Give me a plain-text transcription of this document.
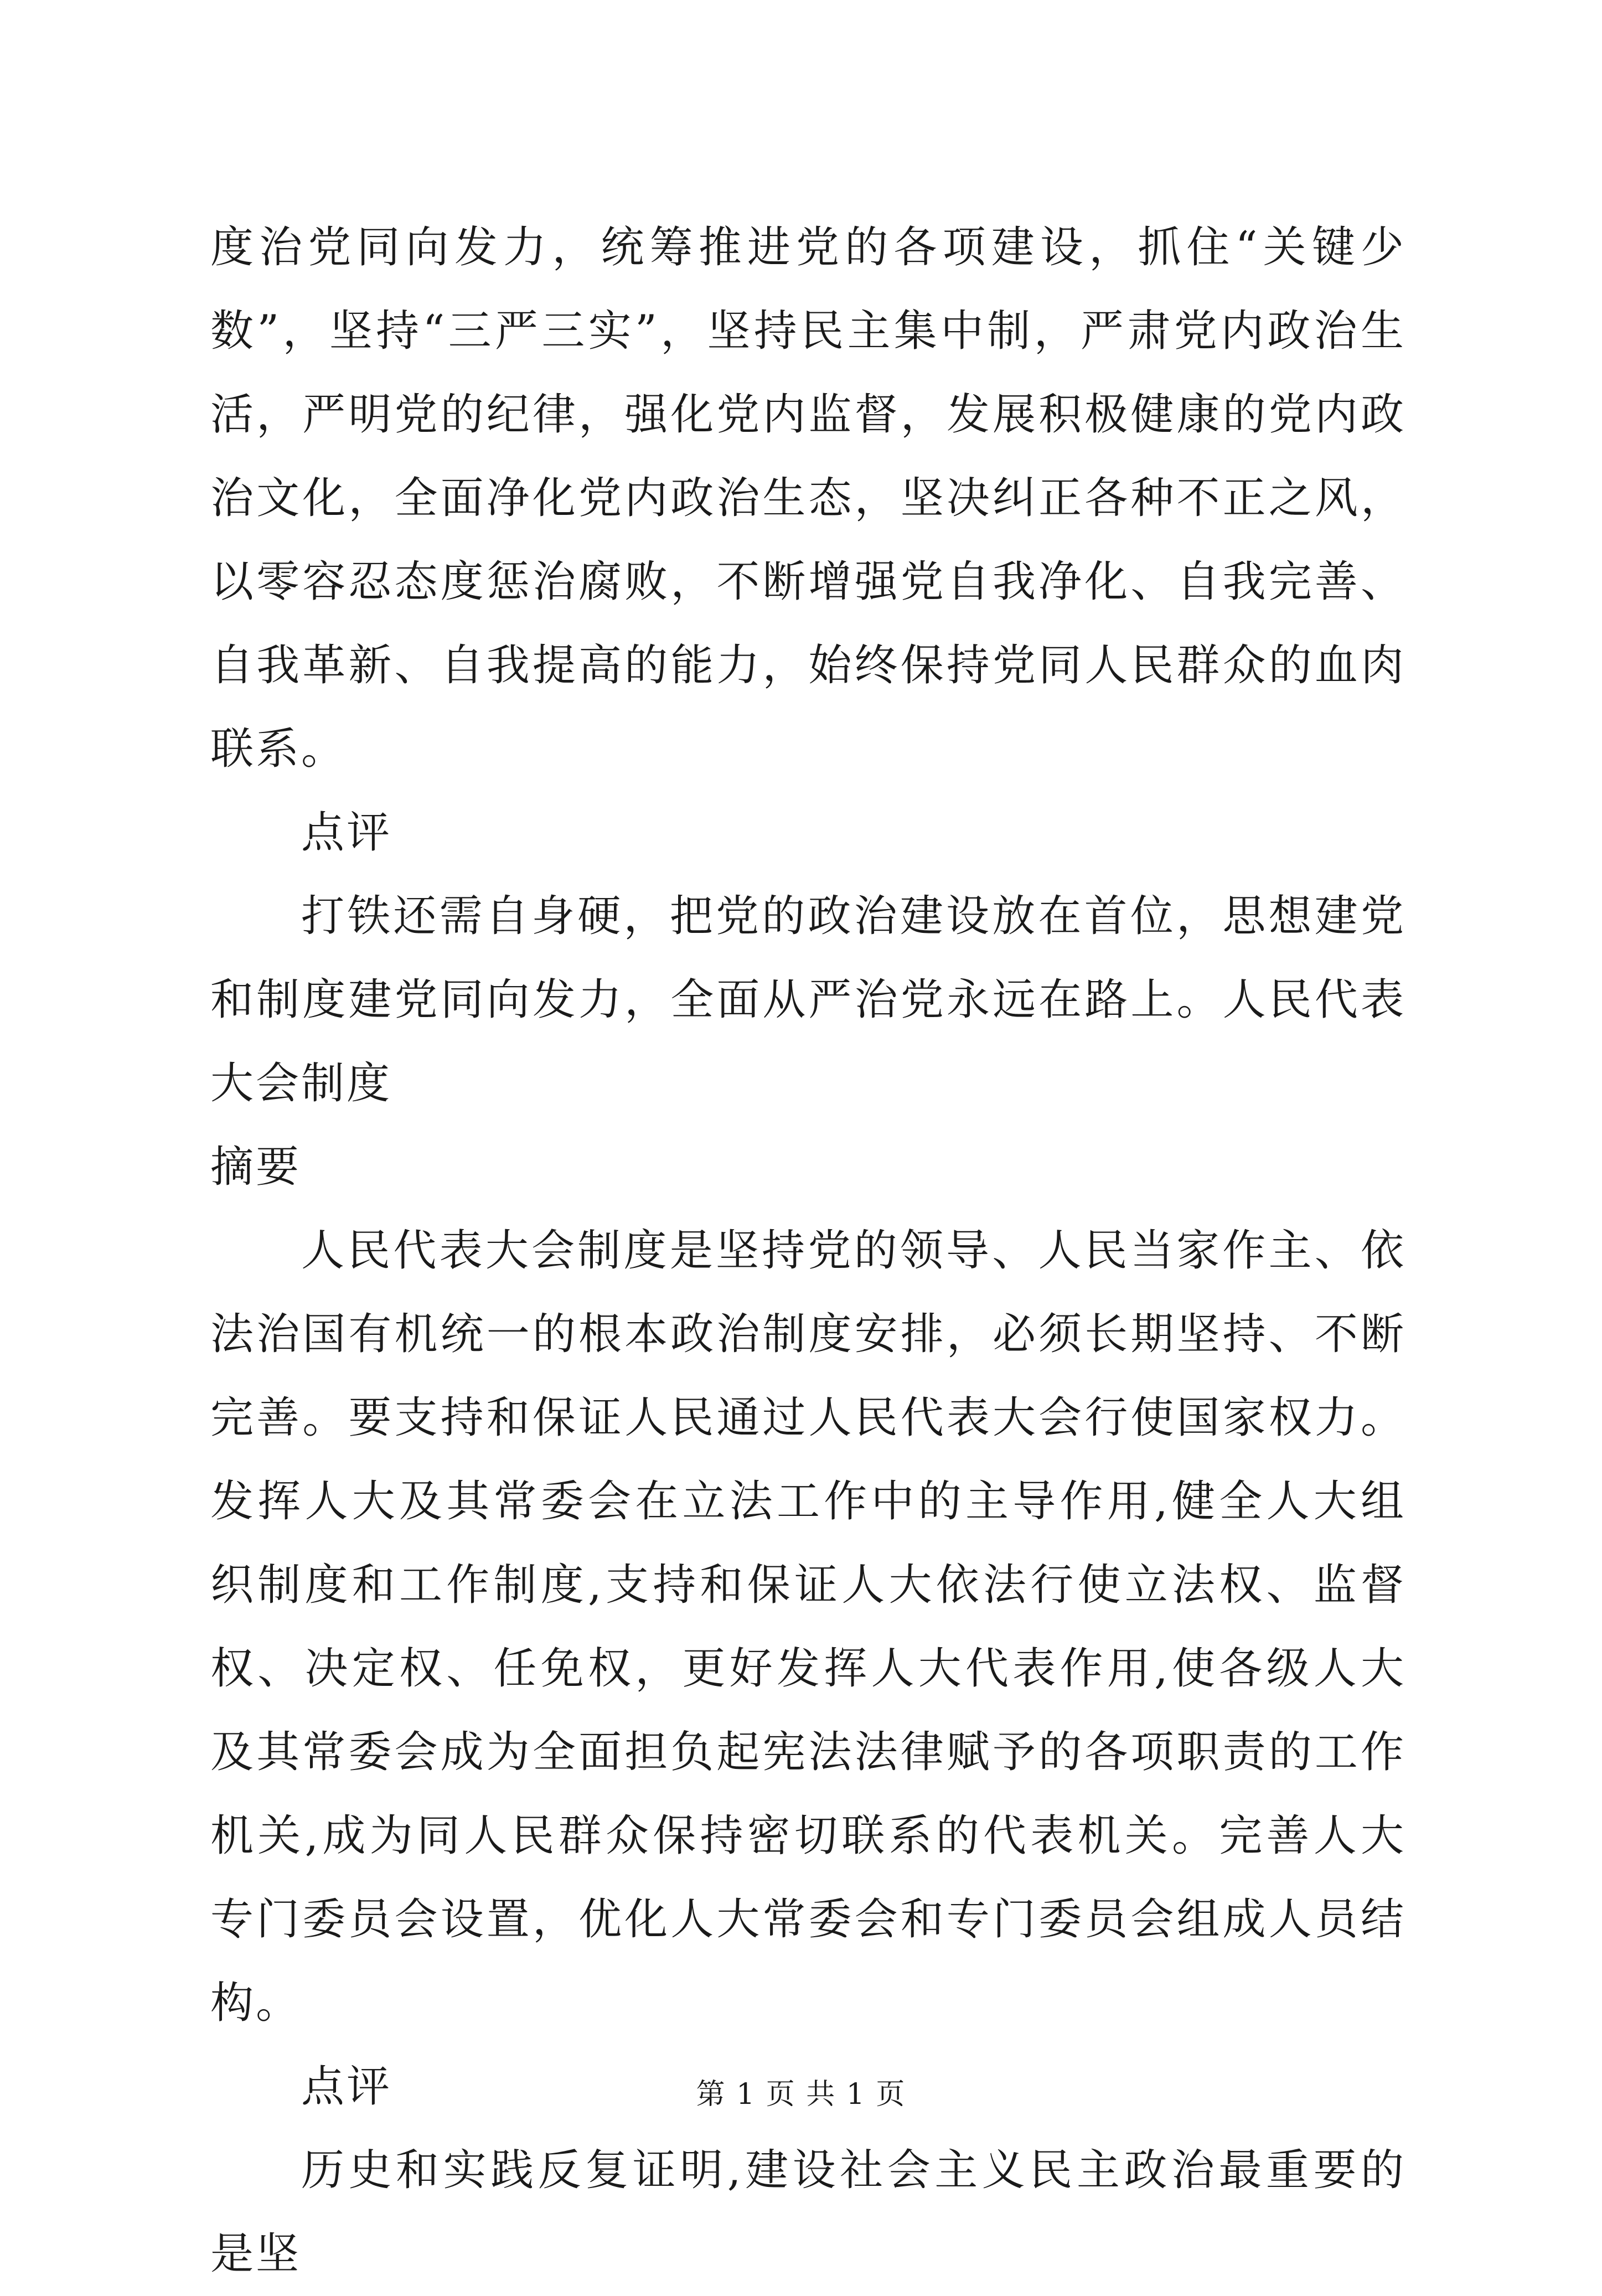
度治党同向发力，统筹推进党的各项建设，抓住“关键少数”，坚持“三严三实”，坚持民主集中制，严肃党内政治生活，严明党的纪律，强化党内监督，发展积极健康的党内政治文化，全面净化党内政治生态，坚决纠正各种不正之风，以零容忍态度惩治腐败，不断增强党自我净化、自我完善、自我革新、自我提高的能力，始终保持党同人民群众的血肉联系。

点评

打铁还需自身硬，把党的政治建设放在首位，思想建党和制度建党同向发力，全面从严治党永远在路上。人民代表大会制度

摘要

人民代表大会制度是坚持党的领导、人民当家作主、依法治国有机统一的根本政治制度安排，必须长期坚持、不断完善。要支持和保证人民通过人民代表大会行使国家权力。发挥人大及其常委会在立法工作中的主导作用,健全人大组织制度和工作制度,支持和保证人大依法行使立法权、监督权、决定权、任免权，更好发挥人大代表作用,使各级人大及其常委会成为全面担负起宪法法律赋予的各项职责的工作机关,成为同人民群众保持密切联系的代表机关。完善人大专门委员会设置，优化人大常委会和专门委员会组成人员结构。

点评

历史和实践反复证明,建设社会主义民主政治最重要的是坚

第 1 页 共 1 页
